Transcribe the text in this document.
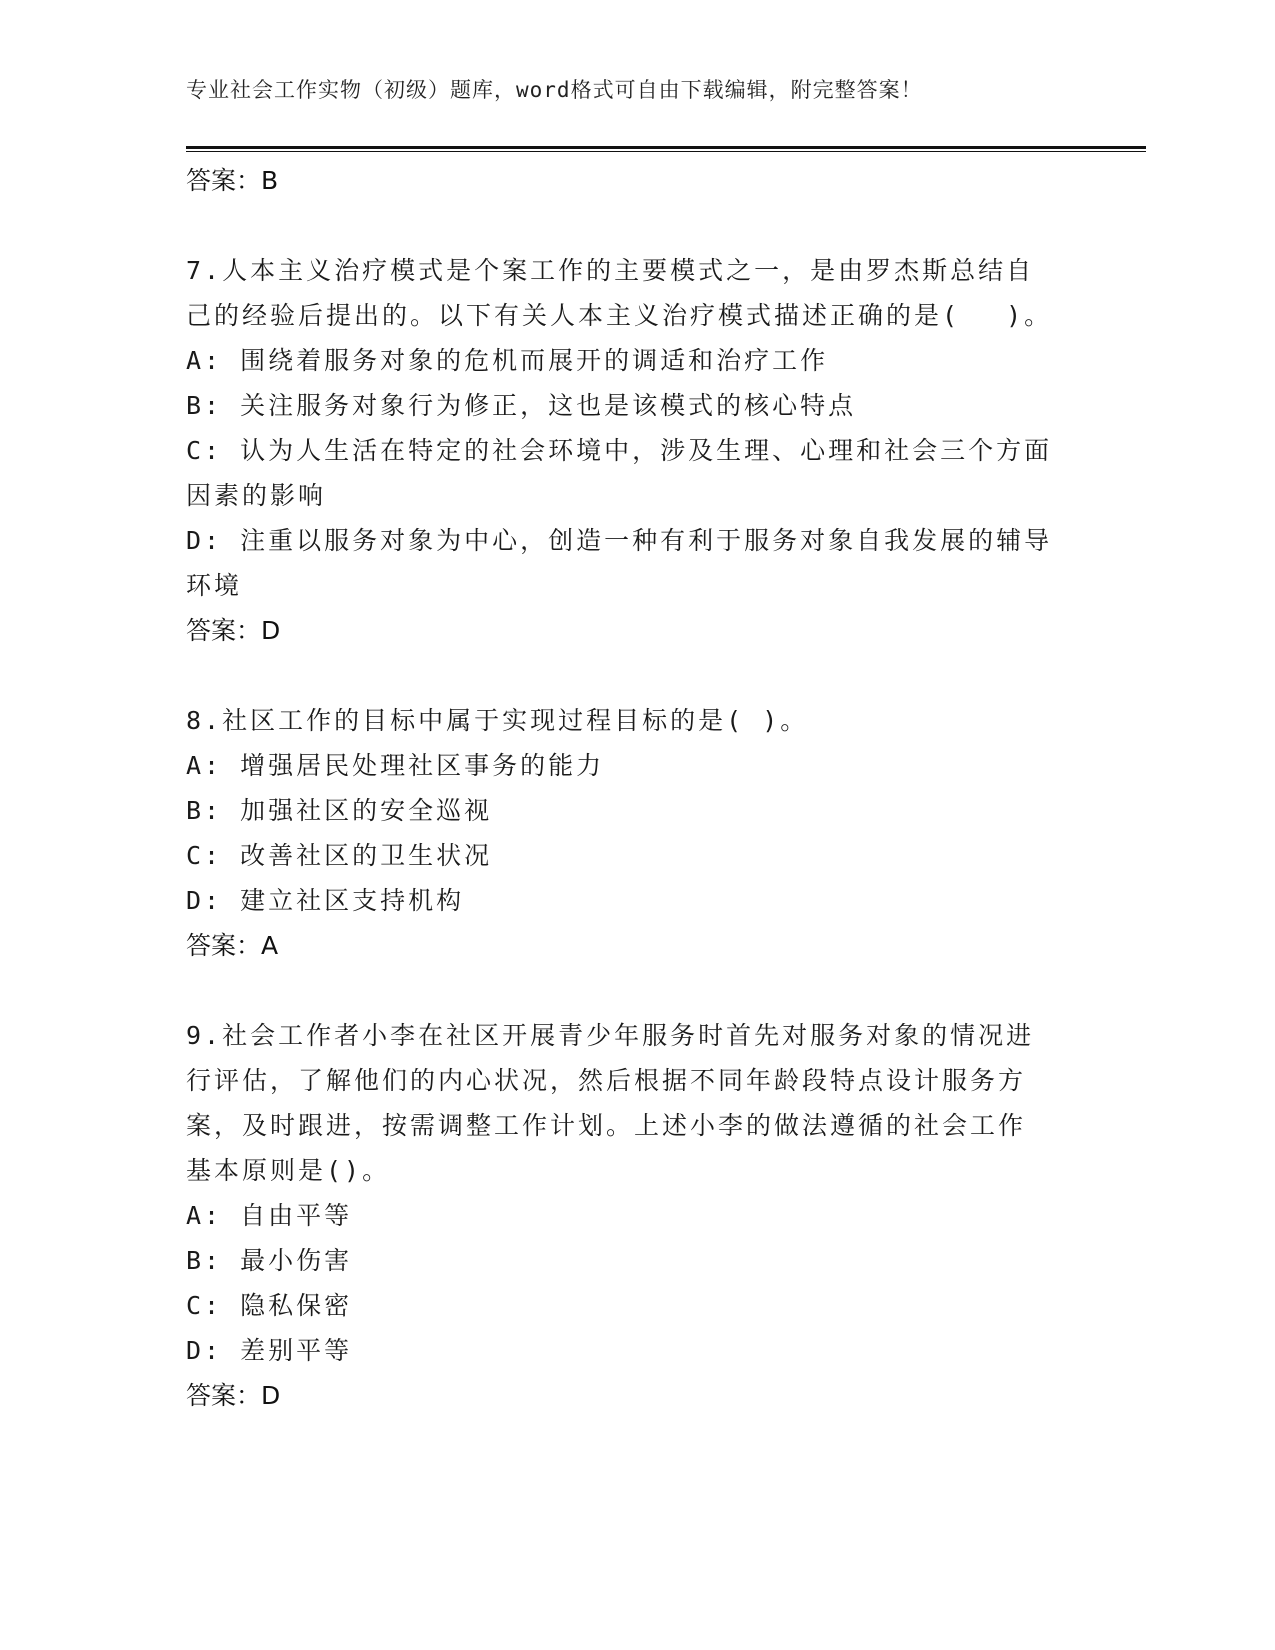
专业社会工作实物（初级）题库，word格式可自由下载编辑，附完整答案！
答案：B
7.人本主义治疗模式是个案工作的主要模式之一，是由罗杰斯总结自
己的经验后提出的。以下有关人本主义治疗模式描述正确的是(　 )。
A: 围绕着服务对象的危机而展开的调适和治疗工作
B: 关注服务对象行为修正，这也是该模式的核心特点
C: 认为人生活在特定的社会环境中，涉及生理、心理和社会三个方面
因素的影响
D: 注重以服务对象为中心，创造一种有利于服务对象自我发展的辅导
环境
答案：D
8.社区工作的目标中属于实现过程目标的是( )。
A: 增强居民处理社区事务的能力
B: 加强社区的安全巡视
C: 改善社区的卫生状况
D: 建立社区支持机构
答案：A
9.社会工作者小李在社区开展青少年服务时首先对服务对象的情况进
行评估，了解他们的内心状况，然后根据不同年龄段特点设计服务方
案，及时跟进，按需调整工作计划。上述小李的做法遵循的社会工作
基本原则是()。
A: 自由平等
B: 最小伤害
C: 隐私保密
D: 差别平等
答案：D
